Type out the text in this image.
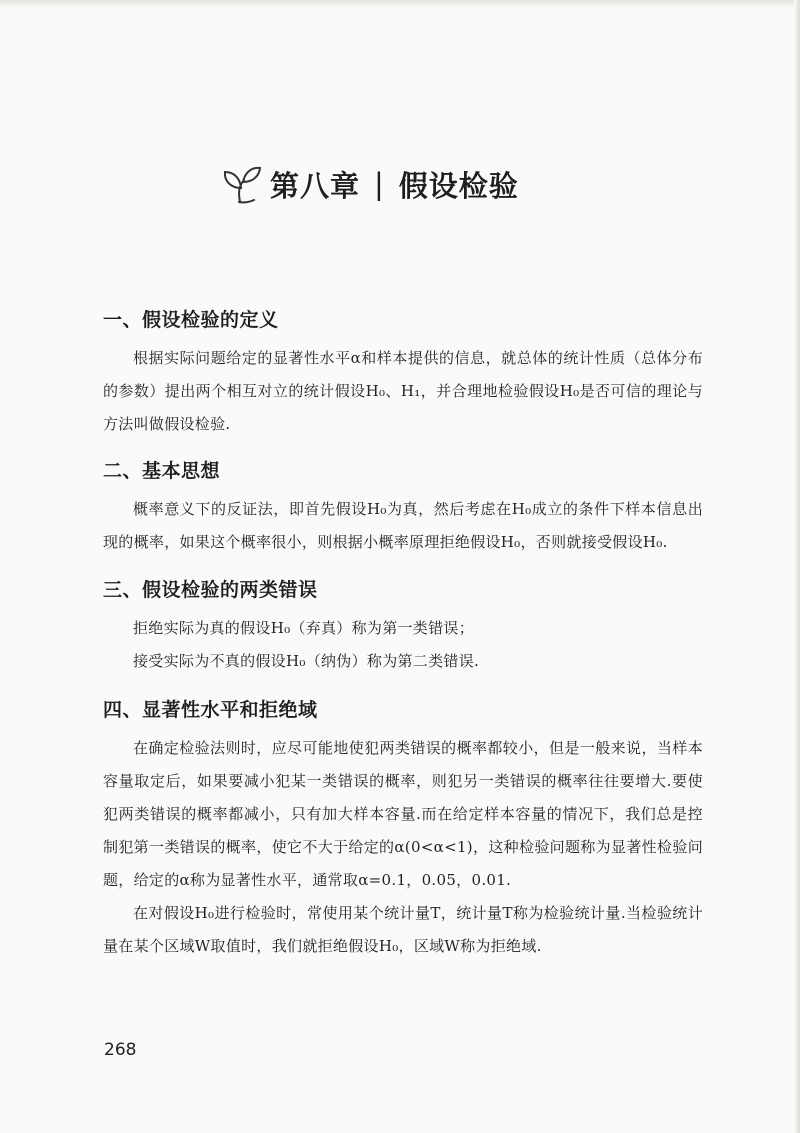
第八章 | 假设检验
一、假设检验的定义

根据实际问题给定的显著性水平α和样本提供的信息，就总体的统计性质（总体分布的参数）提出两个相互对立的统计假设H₀、H₁，并合理地检验假设H₀是否可信的理论与方法叫做假设检验.

二、基本思想

概率意义下的反证法，即首先假设H₀为真，然后考虑在H₀成立的条件下样本信息出现的概率，如果这个概率很小，则根据小概率原理拒绝假设H₀，否则就接受假设H₀.

三、假设检验的两类错误

拒绝实际为真的假设H₀（弃真）称为第一类错误；

接受实际为不真的假设H₀（纳伪）称为第二类错误.

四、显著性水平和拒绝域

在确定检验法则时，应尽可能地使犯两类错误的概率都较小，但是一般来说，当样本容量取定后，如果要减小犯某一类错误的概率，则犯另一类错误的概率往往要增大.要使犯两类错误的概率都减小，只有加大样本容量.而在给定样本容量的情况下，我们总是控制犯第一类错误的概率，使它不大于给定的α(0<α<1)，这种检验问题称为显著性检验问题，给定的α称为显著性水平，通常取α=0.1，0.05，0.01.

在对假设H₀进行检验时，常使用某个统计量T，统计量T称为检验统计量.当检验统计量在某个区域W取值时，我们就拒绝假设H₀，区域W称为拒绝域.

268
